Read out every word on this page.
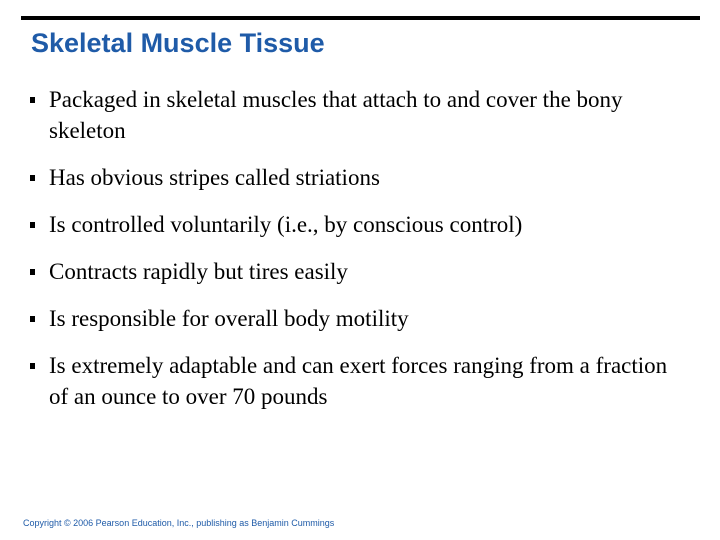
Skeletal Muscle Tissue
Packaged in skeletal muscles that attach to and cover the bony skeleton
Has obvious stripes called striations
Is controlled voluntarily (i.e., by conscious control)
Contracts rapidly but tires easily
Is responsible for overall body motility
Is extremely adaptable and can exert forces ranging from a fraction of an ounce to over 70 pounds

Copyright © 2006 Pearson Education, Inc., publishing as Benjamin Cummings
